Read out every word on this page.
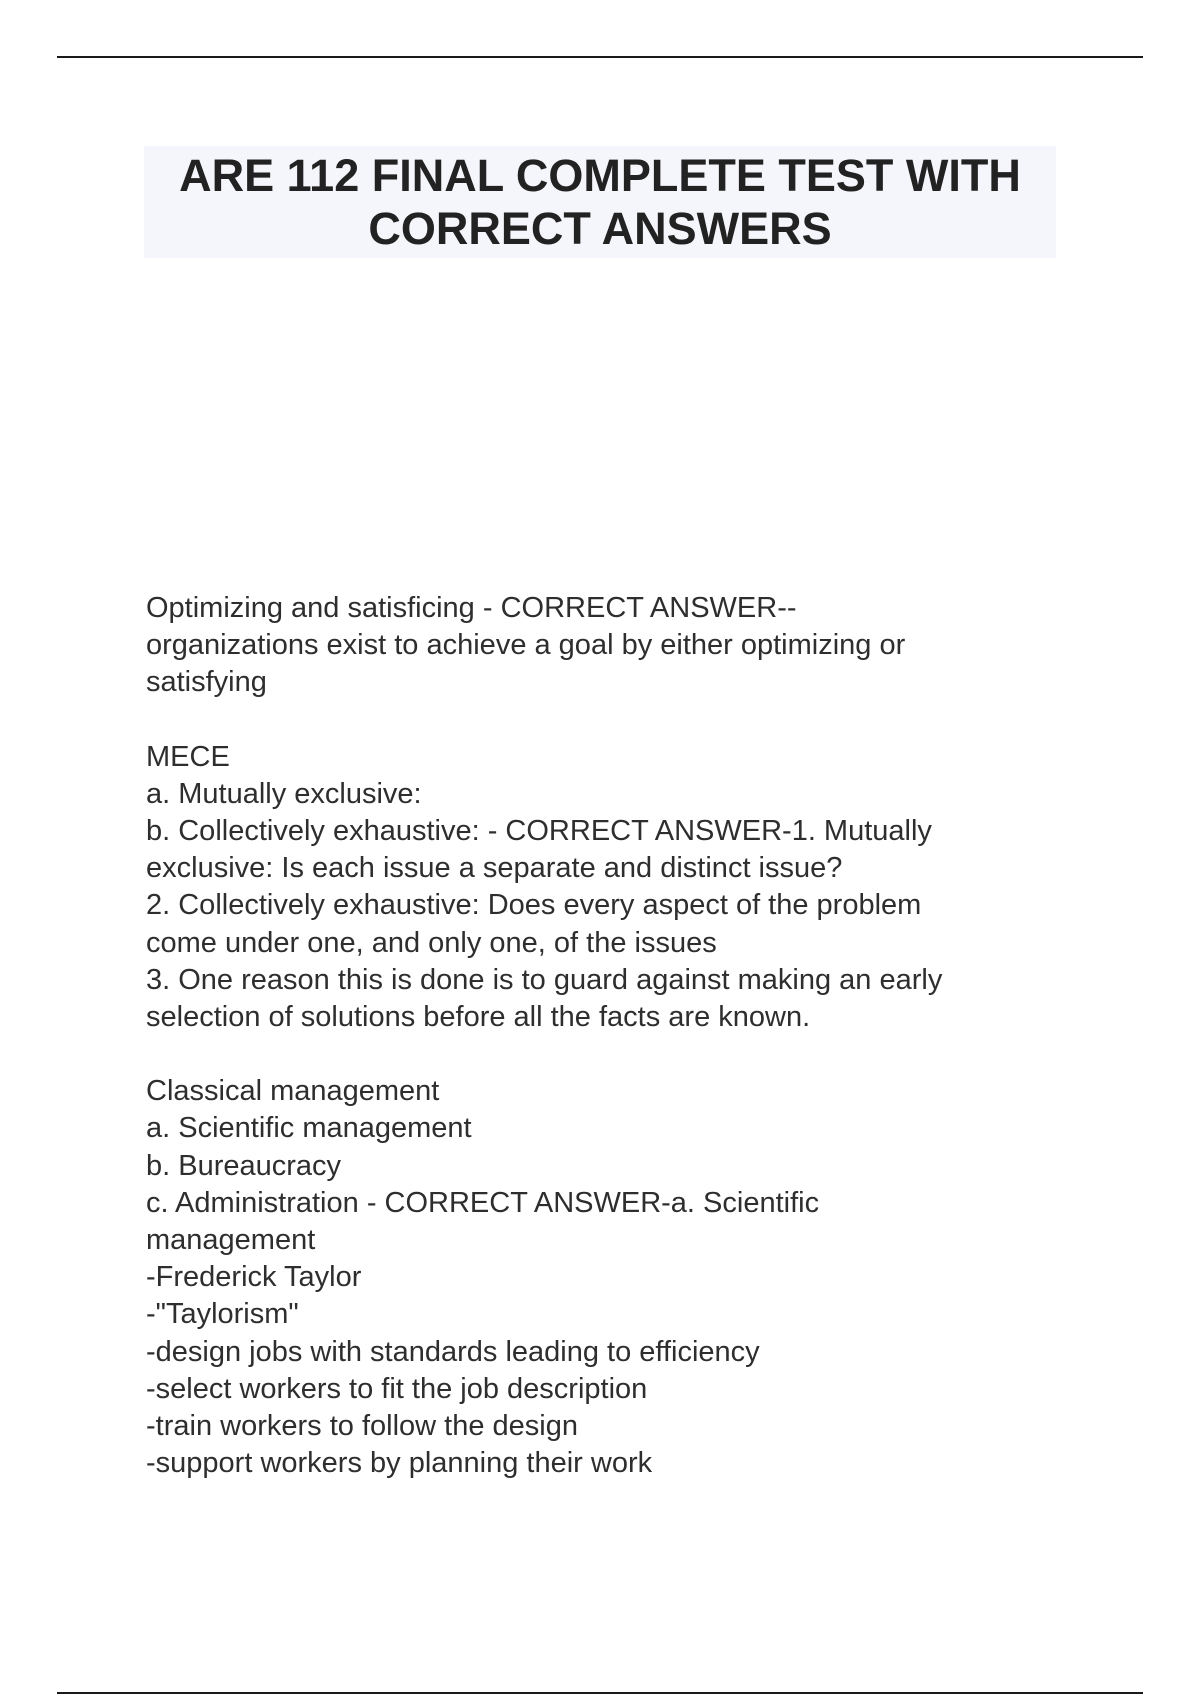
ARE 112 FINAL COMPLETE TEST WITH CORRECT ANSWERS
Optimizing and satisficing - CORRECT ANSWER--
organizations exist to achieve a goal by either optimizing or
satisfying
MECE
a. Mutually exclusive:
b. Collectively exhaustive: - CORRECT ANSWER-1. Mutually
exclusive: Is each issue a separate and distinct issue?
2. Collectively exhaustive: Does every aspect of the problem
come under one, and only one, of the issues
3. One reason this is done is to guard against making an early
selection of solutions before all the facts are known.
Classical management
a. Scientific management
b. Bureaucracy
c. Administration - CORRECT ANSWER-a. Scientific
management
-Frederick Taylor
-"Taylorism"
-design jobs with standards leading to efficiency
-select workers to fit the job description
-train workers to follow the design
-support workers by planning their work
